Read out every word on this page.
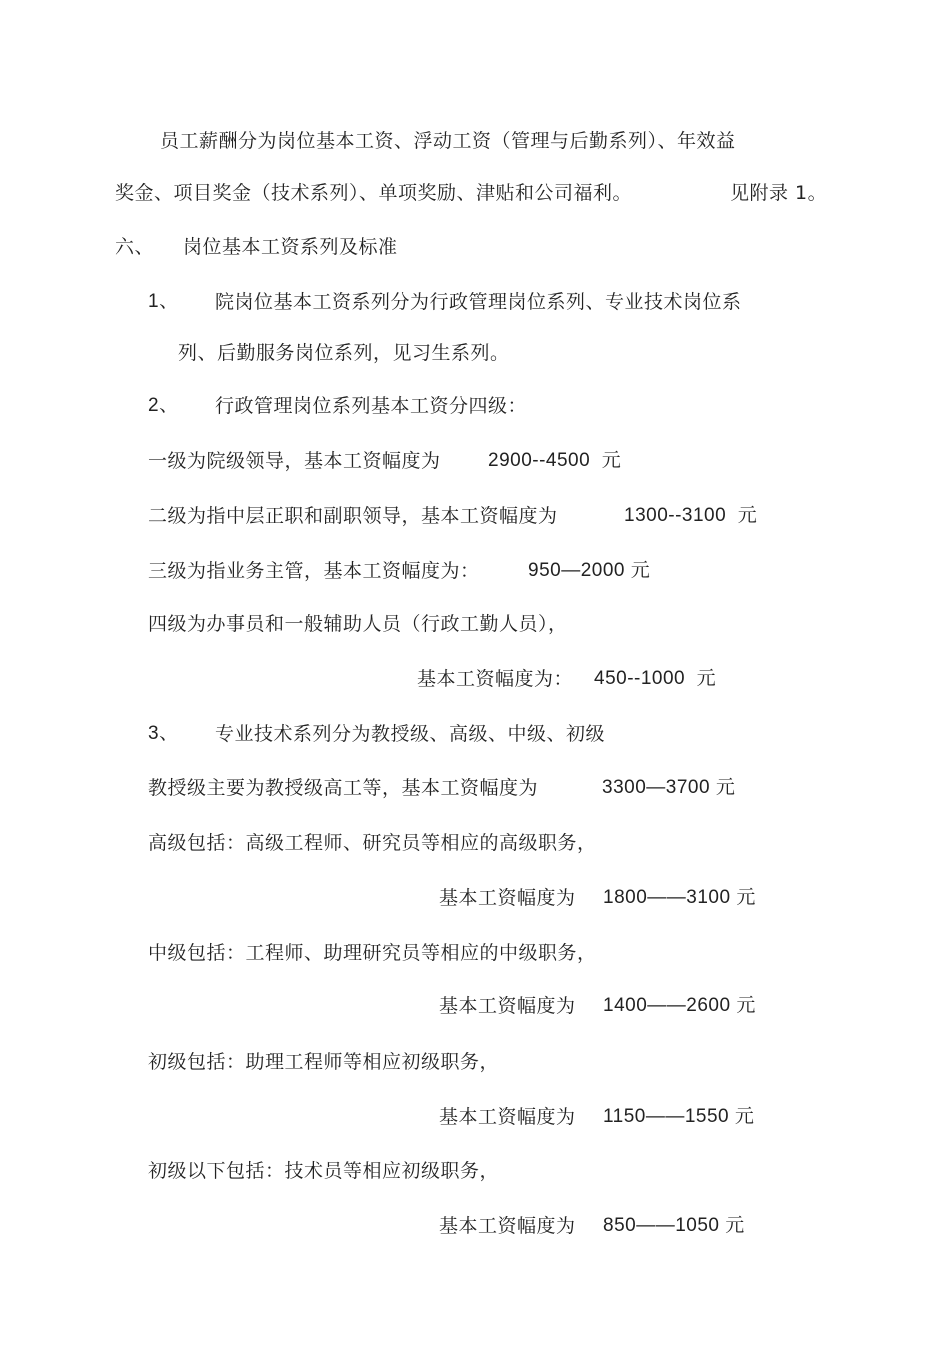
员工薪酬分为岗位基本工资、浮动工资（管理与后勤系列）、年效益
奖金、项目奖金（技术系列）、单项奖励、津贴和公司福利。	见附录 1。
六、 岗位基本工资系列及标准
1、 院岗位基本工资系列分为行政管理岗位系列、专业技术岗位系
列、后勤服务岗位系列，见习生系列。
2、 行政管理岗位系列基本工资分四级：
一级为院级领导，基本工资幅度为 2900--4500  元
二级为指中层正职和副职领导，基本工资幅度为	1300--3100  元
三级为指业务主管，基本工资幅度为：	950—2000 元
四级为办事员和一般辅助人员（行政工勤人员），
基本工资幅度为： 450--1000  元
3、 专业技术系列分为教授级、高级、中级、初级
教授级主要为教授级高工等，基本工资幅度为	3300—3700 元
高级包括：高级工程师、研究员等相应的高级职务，
基本工资幅度为 1800——3100 元
中级包括：工程师、助理研究员等相应的中级职务，
基本工资幅度为 1400——2600 元
初级包括：助理工程师等相应初级职务，
基本工资幅度为 1150——1550 元
初级以下包括：技术员等相应初级职务，
基本工资幅度为 850——1050 元
